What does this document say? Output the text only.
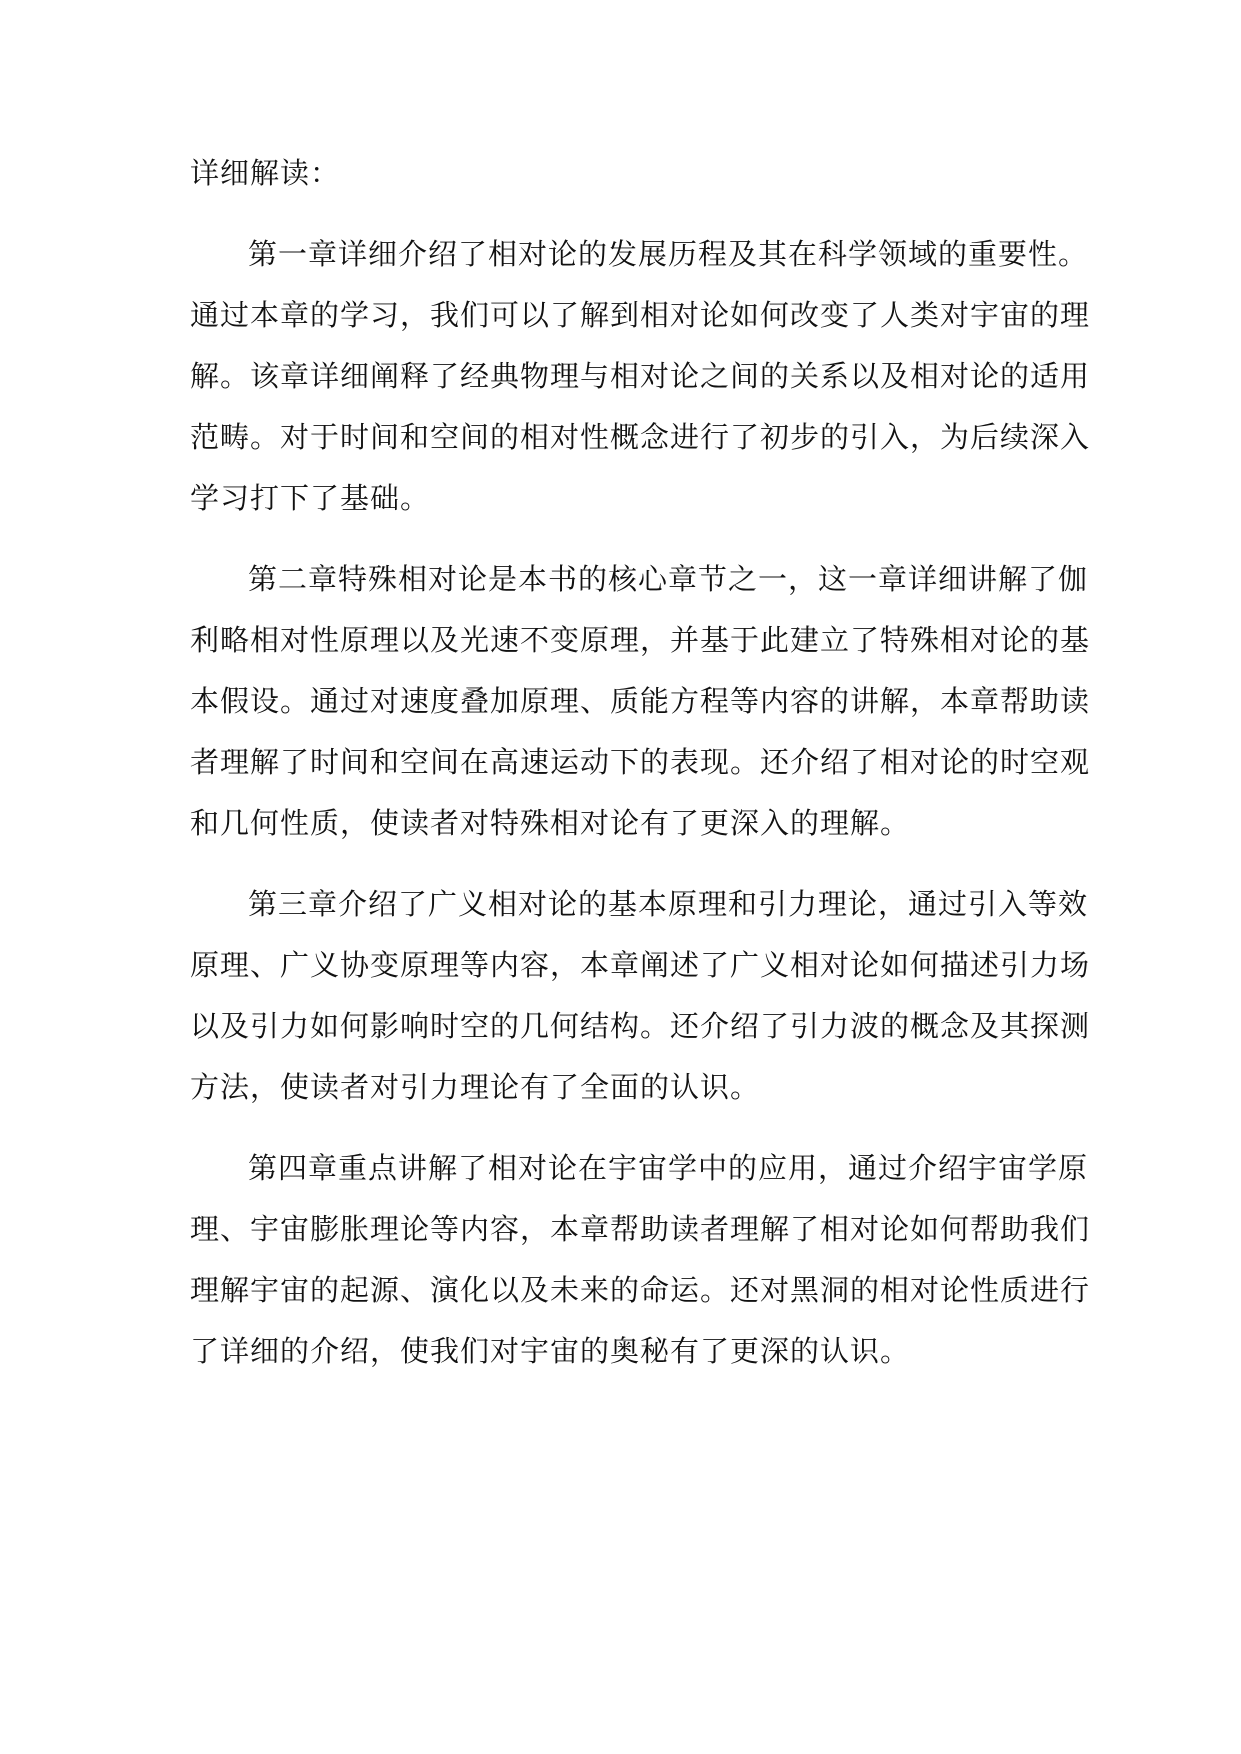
详细解读：
第一章详细介绍了相对论的发展历程及其在科学领域的重要性。
通过本章的学习，我们可以了解到相对论如何改变了人类对宇宙的理
解。该章详细阐释了经典物理与相对论之间的关系以及相对论的适用
范畴。对于时间和空间的相对性概念进行了初步的引入，为后续深入
学习打下了基础。
第二章特殊相对论是本书的核心章节之一，这一章详细讲解了伽
利略相对性原理以及光速不变原理，并基于此建立了特殊相对论的基
本假设。通过对速度叠加原理、质能方程等内容的讲解，本章帮助读
者理解了时间和空间在高速运动下的表现。还介绍了相对论的时空观
和几何性质，使读者对特殊相对论有了更深入的理解。
第三章介绍了广义相对论的基本原理和引力理论，通过引入等效
原理、广义协变原理等内容，本章阐述了广义相对论如何描述引力场
以及引力如何影响时空的几何结构。还介绍了引力波的概念及其探测
方法，使读者对引力理论有了全面的认识。
第四章重点讲解了相对论在宇宙学中的应用，通过介绍宇宙学原
理、宇宙膨胀理论等内容，本章帮助读者理解了相对论如何帮助我们
理解宇宙的起源、演化以及未来的命运。还对黑洞的相对论性质进行
了详细的介绍，使我们对宇宙的奥秘有了更深的认识。
